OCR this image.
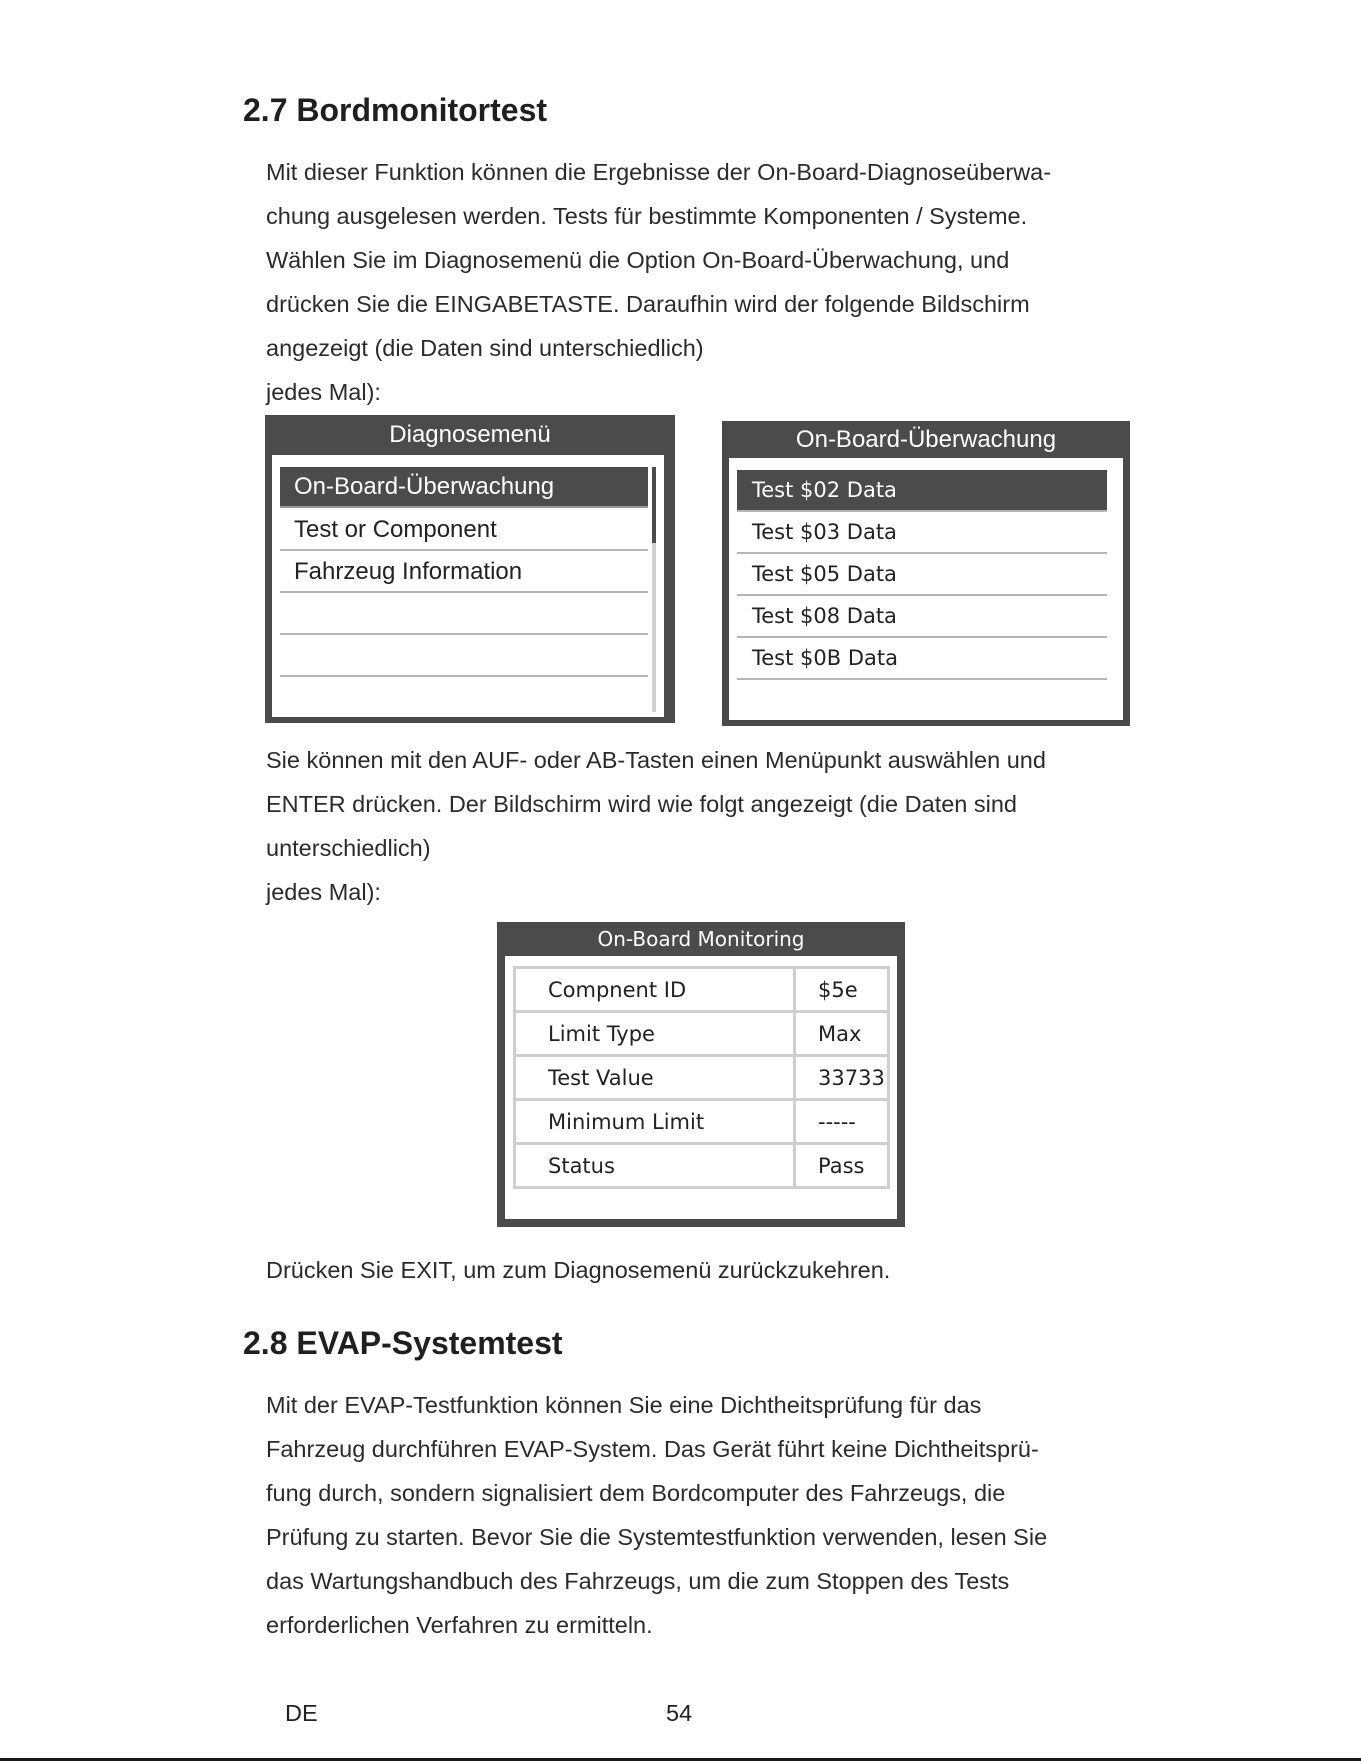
2.7 Bordmonitortest
Mit dieser Funktion können die Ergebnisse der On-Board-Diagnoseüberwa-
chung ausgelesen werden. Tests für bestimmte Komponenten / Systeme.
Wählen Sie im Diagnosemenü die Option On-Board-Überwachung, und
drücken Sie die EINGABETASTE. Daraufhin wird der folgende Bildschirm
angezeigt (die Daten sind unterschiedlich)
jedes Mal):
Diagnosemenü
On-Board-Überwachung
Test or Component
Fahrzeug Information
On-Board-Überwachung
Test $02 Data
Test $03 Data
Test $05 Data
Test $08 Data
Test $0B Data
Sie können mit den AUF- oder AB-Tasten einen Menüpunkt auswählen und
ENTER drücken. Der Bildschirm wird wie folgt angezeigt (die Daten sind
unterschiedlich)
jedes Mal):
On-Board Monitoring
Compnent ID	$5e
Limit Type	Max
Test Value	33733
Minimum Limit	-----
Status	Pass
Drücken Sie EXIT, um zum Diagnosemenü zurückzukehren.
2.8 EVAP-Systemtest
Mit der EVAP-Testfunktion können Sie eine Dichtheitsprüfung für das
Fahrzeug durchführen EVAP-System. Das Gerät führt keine Dichtheitsprü-
fung durch, sondern signalisiert dem Bordcomputer des Fahrzeugs, die
Prüfung zu starten. Bevor Sie die Systemtestfunktion verwenden, lesen Sie
das Wartungshandbuch des Fahrzeugs, um die zum Stoppen des Tests
erforderlichen Verfahren zu ermitteln.
DE	54
